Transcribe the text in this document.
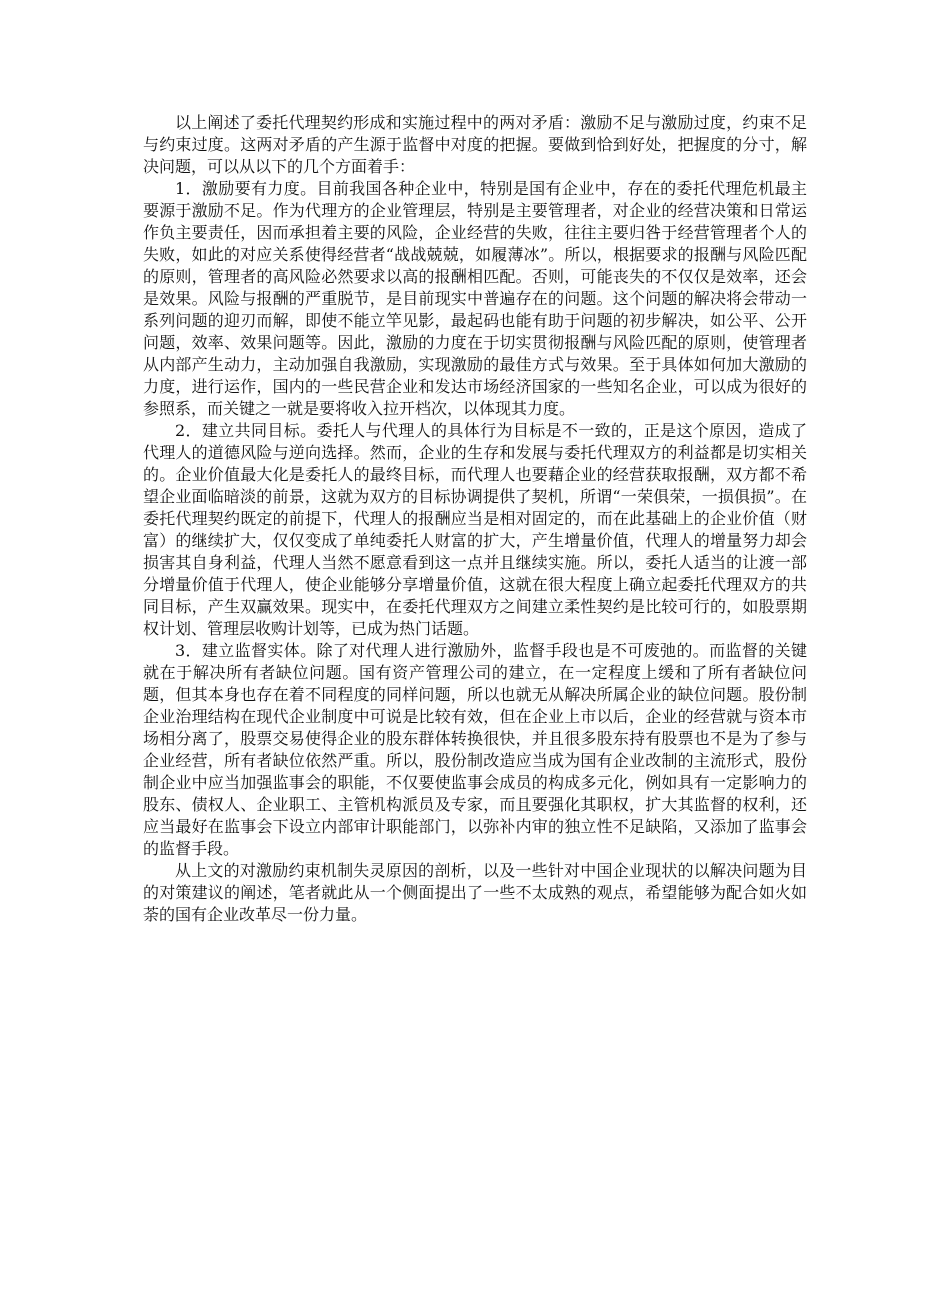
以上阐述了委托代理契约形成和实施过程中的两对矛盾：激励不足与激励过度，约束不足与约束过度。这两对矛盾的产生源于监督中对度的把握。要做到恰到好处，把握度的分寸，解决问题，可以从以下的几个方面着手：

1．激励要有力度。目前我国各种企业中，特别是国有企业中，存在的委托代理危机最主要源于激励不足。作为代理方的企业管理层，特别是主要管理者，对企业的经营决策和日常运作负主要责任，因而承担着主要的风险，企业经营的失败，往往主要归咎于经营管理者个人的失败，如此的对应关系使得经营者“战战兢兢，如履薄冰”。所以，根据要求的报酬与风险匹配的原则，管理者的高风险必然要求以高的报酬相匹配。否则，可能丧失的不仅仅是效率，还会是效果。风险与报酬的严重脱节，是目前现实中普遍存在的问题。这个问题的解决将会带动一系列问题的迎刃而解，即使不能立竿见影，最起码也能有助于问题的初步解决，如公平、公开问题，效率、效果问题等。因此，激励的力度在于切实贯彻报酬与风险匹配的原则，使管理者从内部产生动力，主动加强自我激励，实现激励的最佳方式与效果。至于具体如何加大激励的力度，进行运作，国内的一些民营企业和发达市场经济国家的一些知名企业，可以成为很好的参照系，而关键之一就是要将收入拉开档次，以体现其力度。

2．建立共同目标。委托人与代理人的具体行为目标是不一致的，正是这个原因，造成了代理人的道德风险与逆向选择。然而，企业的生存和发展与委托代理双方的利益都是切实相关的。企业价值最大化是委托人的最终目标，而代理人也要藉企业的经营获取报酬，双方都不希望企业面临暗淡的前景，这就为双方的目标协调提供了契机，所谓“一荣俱荣，一损俱损”。在委托代理契约既定的前提下，代理人的报酬应当是相对固定的，而在此基础上的企业价值（财富）的继续扩大，仅仅变成了单纯委托人财富的扩大，产生增量价值，代理人的增量努力却会损害其自身利益，代理人当然不愿意看到这一点并且继续实施。所以，委托人适当的让渡一部分增量价值于代理人，使企业能够分享增量价值，这就在很大程度上确立起委托代理双方的共同目标，产生双赢效果。现实中，在委托代理双方之间建立柔性契约是比较可行的，如股票期权计划、管理层收购计划等，已成为热门话题。

3．建立监督实体。除了对代理人进行激励外，监督手段也是不可废弛的。而监督的关键就在于解决所有者缺位问题。国有资产管理公司的建立，在一定程度上缓和了所有者缺位问题，但其本身也存在着不同程度的同样问题，所以也就无从解决所属企业的缺位问题。股份制企业治理结构在现代企业制度中可说是比较有效，但在企业上市以后，企业的经营就与资本市场相分离了，股票交易使得企业的股东群体转换很快，并且很多股东持有股票也不是为了参与企业经营，所有者缺位依然严重。所以，股份制改造应当成为国有企业改制的主流形式，股份制企业中应当加强监事会的职能，不仅要使监事会成员的构成多元化，例如具有一定影响力的股东、债权人、企业职工、主管机构派员及专家，而且要强化其职权，扩大其监督的权利，还应当最好在监事会下设立内部审计职能部门，以弥补内审的独立性不足缺陷，又添加了监事会的监督手段。

从上文的对激励约束机制失灵原因的剖析，以及一些针对中国企业现状的以解决问题为目的对策建议的阐述，笔者就此从一个侧面提出了一些不太成熟的观点，希望能够为配合如火如荼的国有企业改革尽一份力量。
